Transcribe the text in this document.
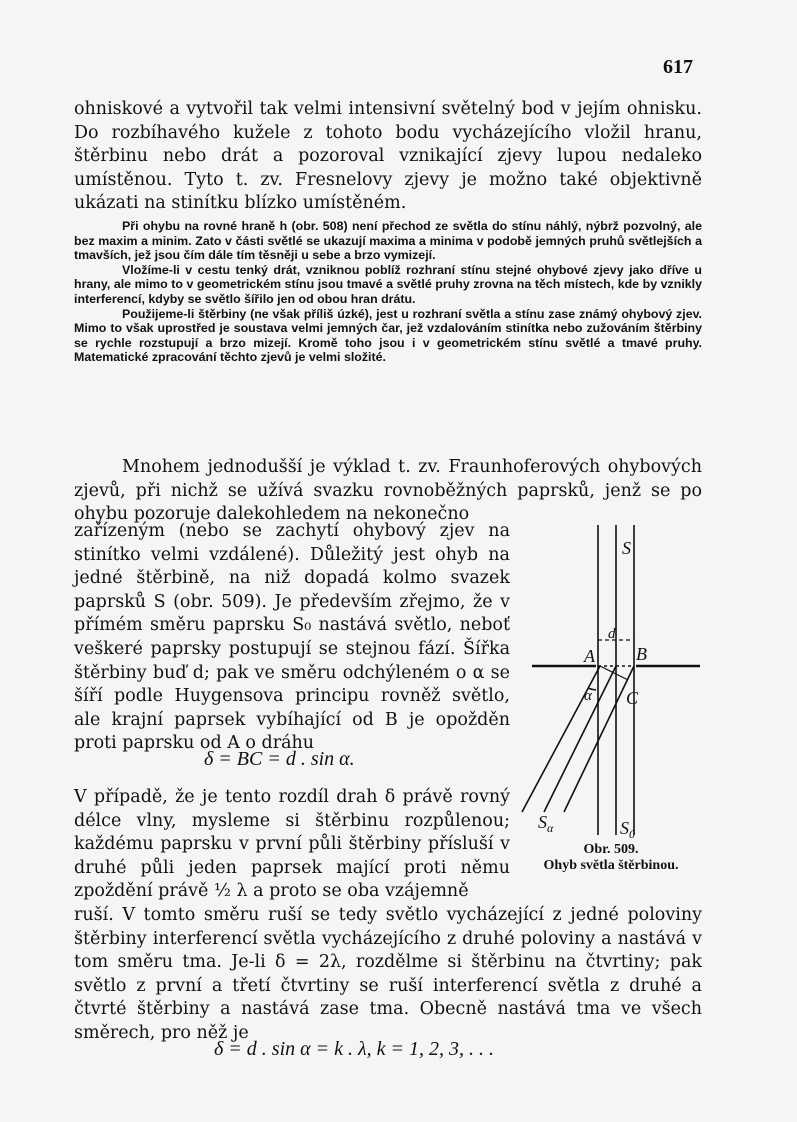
617

ohniskové a vytvořil tak velmi intensivní světelný bod v jejím ohnisku. Do rozbíhavého kužele z tohoto bodu vycházejícího vložil hranu, štěrbinu nebo drát a pozoroval vznikající zjevy lupou nedaleko umístěnou. Tyto t. zv. Fresnelovy zjevy je možno také objektivně ukázati na stinítku blízko umístěném.

Při ohybu na rovné hraně h (obr. 508) není přechod ze světla do stínu náhlý, nýbrž pozvolný, ale bez maxim a minim. Zato v části světlé se ukazují maxima a minima v podobě jemných pruhů světlejších a tmavších, jež jsou čím dále tím těsněji u sebe a brzo vymizejí.

Vložíme-li v cestu tenký drát, vzniknou poblíž rozhraní stínu stejné ohybové zjevy jako dříve u hrany, ale mimo to v geometrickém stínu jsou tmavé a světlé pruhy zrovna na těch místech, kde by vznikly interferencí, kdyby se světlo šířilo jen od obou hran drátu.

Použijeme-li štěrbiny (ne však příliš úzké), jest u rozhraní světla a stínu zase známý ohybový zjev. Mimo to však uprostřed je soustava velmi jemných čar, jež vzdalováním stinítka nebo zužováním štěrbiny se rychle rozstupují a brzo mizejí. Kromě toho jsou i v geometrickém stínu světlé a tmavé pruhy. Matematické zpracování těchto zjevů je velmi složité.

Mnohem jednodušší je výklad t. zv. Fraunhoferových ohybových zjevů, při nichž se užívá svazku rovnoběžných paprsků, jenž se po ohybu pozoruje dalekohledem na nekonečno

zařízeným (nebo se zachytí ohybový zjev na stinítko velmi vzdálené). Důležitý jest ohyb na jedné štěrbině, na niž dopadá kolmo svazek paprsků S (obr. 509). Je především zřejmo, že v přímém směru paprsku S₀ nastává světlo, neboť veškeré paprsky postupují se stejnou fází. Šířka štěrbiny buď d; pak ve směru odchýleném o α se šíří podle Huygensova principu rovněž světlo, ale krajní paprsek vybíhající od B je opožděn proti paprsku od A o dráhu

δ = BC = d . sin α.

V případě, že je tento rozdíl drah δ právě rovný délce vlny, mysleme si štěrbinu rozpůlenou; každému paprsku v první půli štěrbiny přísluší v druhé půli jeden paprsek mající proti němu zpoždění právě ½ λ a proto se oba vzájemně

ruší. V tomto směru ruší se tedy světlo vycházející z jedné poloviny štěrbiny interferencí světla vycházejícího z druhé poloviny a nastává v tom směru tma. Je-li δ = 2λ, rozdělme si štěrbinu na čtvrtiny; pak světlo z první a třetí čtvrtiny se ruší interferencí světla z druhé a čtvrté štěrbiny a nastává zase tma. Obecně nastává tma ve všech směrech, pro něž je

δ = d . sin α = k . λ, k = 1, 2, 3, . . .
S
d
A B
C
α
$S_\alpha$	$S_0$
Obr. 509.
Ohyb světla štěrbinou.
